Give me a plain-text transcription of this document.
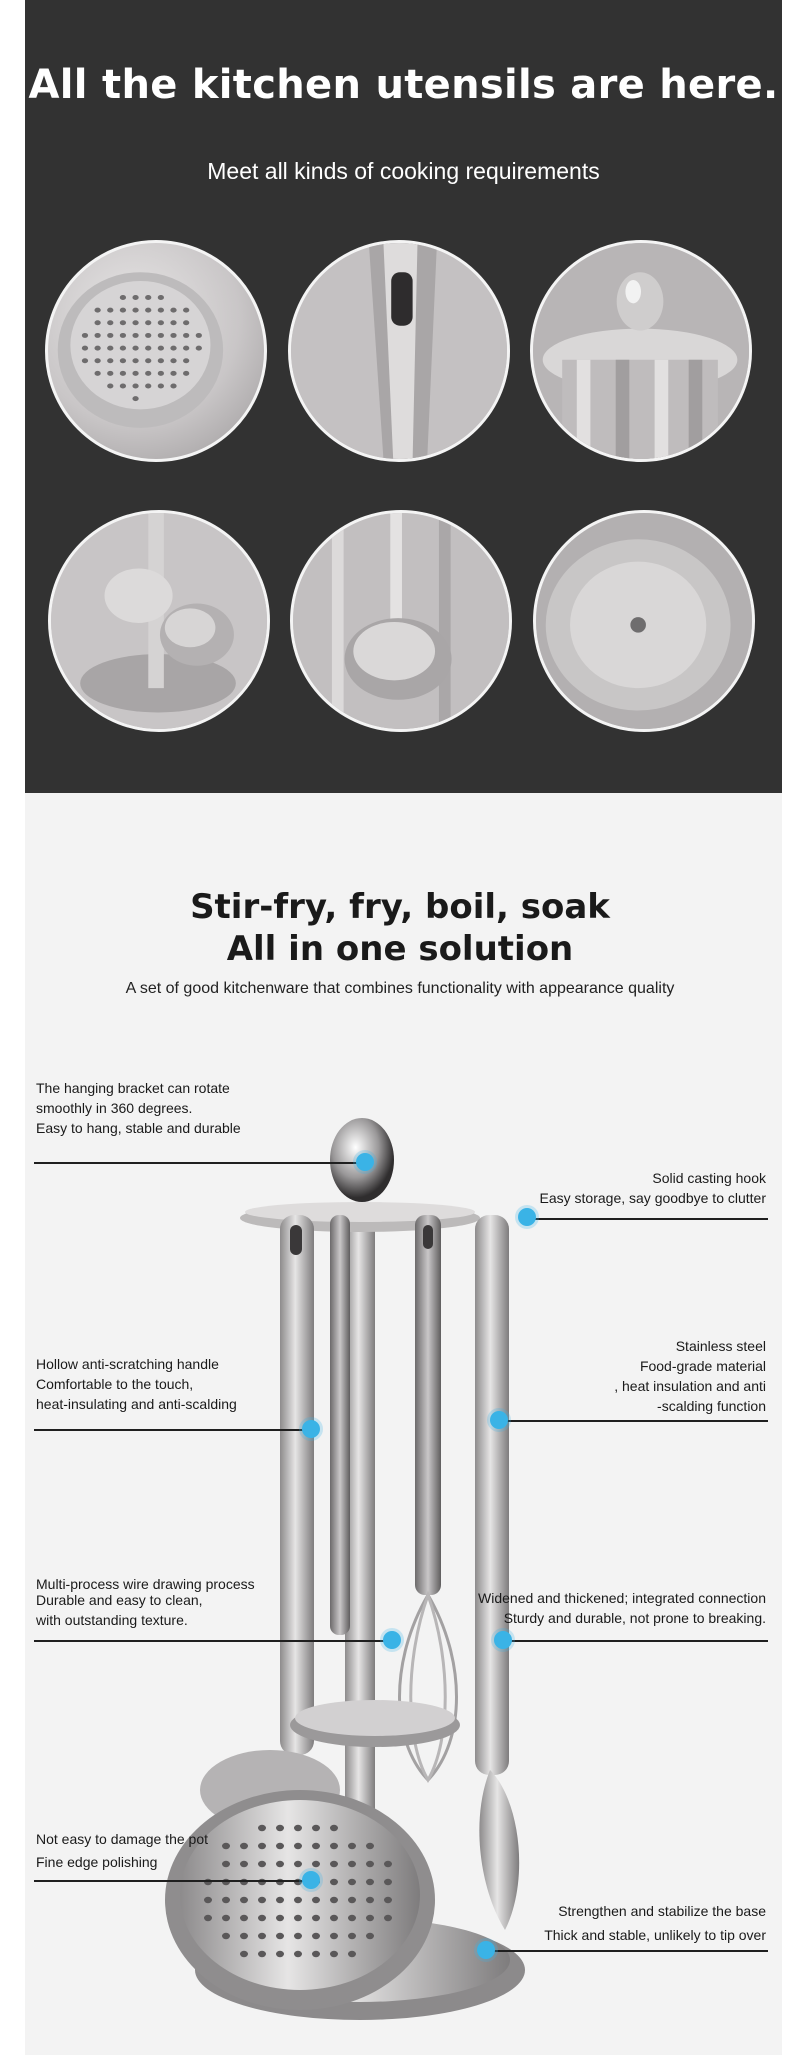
All the kitchen utensils are here.

Meet all kinds of cooking requirements

Stir-fry, fry, boil, soak
All in one solution

A set of good kitchenware that combines functionality with appearance quality

The hanging bracket can rotate
smoothly in 360 degrees.
Easy to hang, stable and durable
Solid casting hook
Easy storage, say goodbye to clutter
Hollow anti-scratching handle
Comfortable to the touch,
heat-insulating and anti-scalding
Stainless steel
Food-grade material
, heat insulation and anti
-scalding function
Multi-process wire drawing process
Durable and easy to clean,
with outstanding texture.
Widened and thickened; integrated connection
Sturdy and durable, not prone to breaking.
Not easy to damage the pot
Fine edge polishing
Strengthen and stabilize the base
Thick and stable, unlikely to tip over
